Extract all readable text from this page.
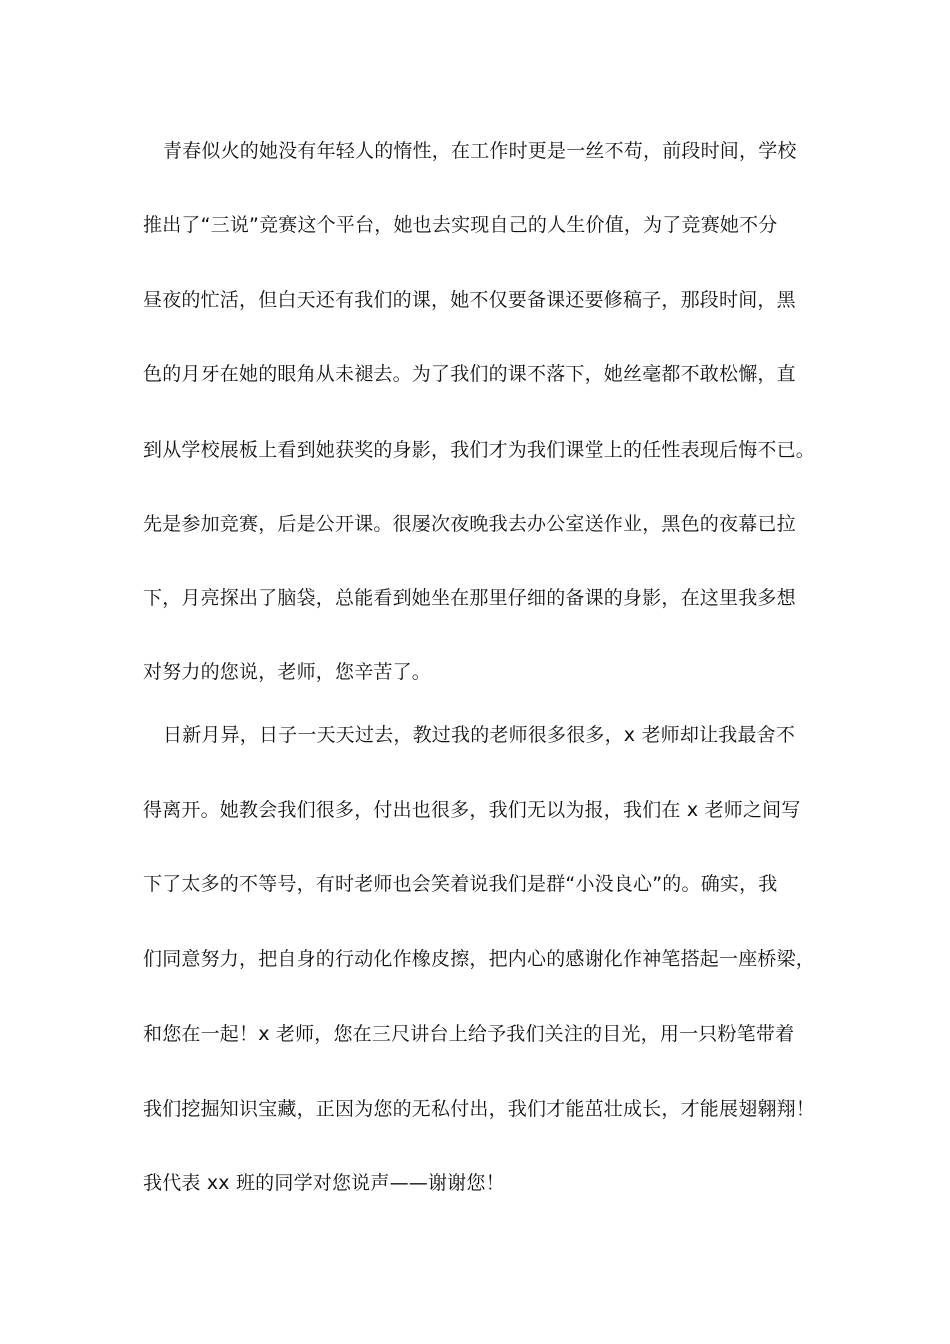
青春似火的她没有年轻人的惰性，在工作时更是一丝不苟，前段时间，学校
推出了“三说”竞赛这个平台，她也去实现自己的人生价值，为了竞赛她不分
昼夜的忙活，但白天还有我们的课，她不仅要备课还要修稿子，那段时间，黑
色的月牙在她的眼角从未褪去。为了我们的课不落下，她丝毫都不敢松懈，直
到从学校展板上看到她获奖的身影，我们才为我们课堂上的任性表现后悔不已。
先是参加竞赛，后是公开课。很屡次夜晚我去办公室送作业，黑色的夜幕已拉
下，月亮探出了脑袋，总能看到她坐在那里仔细的备课的身影，在这里我多想
对努力的您说，老师，您辛苦了。
日新月异，日子一天天过去，教过我的老师很多很多，x 老师却让我最舍不
得离开。她教会我们很多，付出也很多，我们无以为报，我们在 x 老师之间写
下了太多的不等号，有时老师也会笑着说我们是群“小没良心”的。确实，我
们同意努力，把自身的行动化作橡皮擦，把内心的感谢化作神笔搭起一座桥梁，
和您在一起！x 老师，您在三尺讲台上给予我们关注的目光，用一只粉笔带着
我们挖掘知识宝藏，正因为您的无私付出，我们才能茁壮成长，才能展翅翱翔！
我代表 xx 班的同学对您说声——谢谢您！
